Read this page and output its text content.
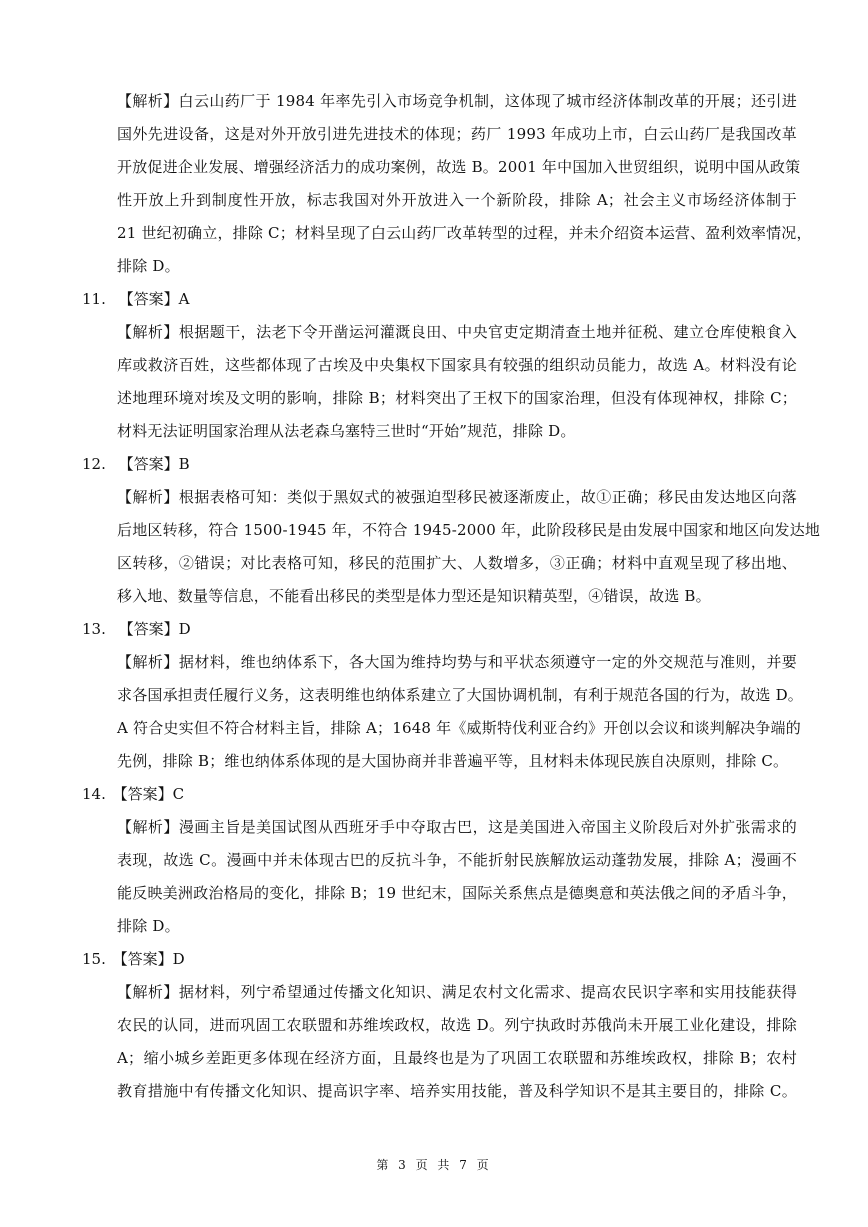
【解析】白云山药厂于 1984 年率先引入市场竞争机制，这体现了城市经济体制改革的开展；还引进
国外先进设备，这是对外开放引进先进技术的体现；药厂 1993 年成功上市，白云山药厂是我国改革
开放促进企业发展、增强经济活力的成功案例，故选 B。2001 年中国加入世贸组织，说明中国从政策
性开放上升到制度性开放，标志我国对外开放进入一个新阶段，排除 A；社会主义市场经济体制于
21 世纪初确立，排除 C；材料呈现了白云山药厂改革转型的过程，并未介绍资本运营、盈利效率情况，
排除 D。
11. 【答案】A
【解析】根据题干，法老下令开凿运河灌溉良田、中央官吏定期清查土地并征税、建立仓库使粮食入
库或救济百姓，这些都体现了古埃及中央集权下国家具有较强的组织动员能力，故选 A。材料没有论
述地理环境对埃及文明的影响，排除 B；材料突出了王权下的国家治理，但没有体现神权，排除 C；
材料无法证明国家治理从法老森乌塞特三世时“开始”规范，排除 D。
12. 【答案】B
【解析】根据表格可知：类似于黑奴式的被强迫型移民被逐渐废止，故①正确；移民由发达地区向落
后地区转移，符合 1500-1945 年，不符合 1945-2000 年，此阶段移民是由发展中国家和地区向发达地
区转移，②错误；对比表格可知，移民的范围扩大、人数增多，③正确；材料中直观呈现了移出地、
移入地、数量等信息，不能看出移民的类型是体力型还是知识精英型，④错误，故选 B。
13. 【答案】D
【解析】据材料，维也纳体系下，各大国为维持均势与和平状态须遵守一定的外交规范与准则，并要
求各国承担责任履行义务，这表明维也纳体系建立了大国协调机制，有利于规范各国的行为，故选 D。
A 符合史实但不符合材料主旨，排除 A；1648 年《威斯特伐利亚合约》开创以会议和谈判解决争端的
先例，排除 B；维也纳体系体现的是大国协商并非普遍平等，且材料未体现民族自决原则，排除 C。
14. 【答案】C
【解析】漫画主旨是美国试图从西班牙手中夺取古巴，这是美国进入帝国主义阶段后对外扩张需求的
表现，故选 C。漫画中并未体现古巴的反抗斗争，不能折射民族解放运动蓬勃发展，排除 A；漫画不
能反映美洲政治格局的变化，排除 B；19 世纪末，国际关系焦点是德奥意和英法俄之间的矛盾斗争，
排除 D。
15. 【答案】D
【解析】据材料，列宁希望通过传播文化知识、满足农村文化需求、提高农民识字率和实用技能获得
农民的认同，进而巩固工农联盟和苏维埃政权，故选 D。列宁执政时苏俄尚未开展工业化建设，排除
A；缩小城乡差距更多体现在经济方面，且最终也是为了巩固工农联盟和苏维埃政权，排除 B；农村
教育措施中有传播文化知识、提高识字率、培养实用技能，普及科学知识不是其主要目的，排除 C。
第 3 页 共 7 页
